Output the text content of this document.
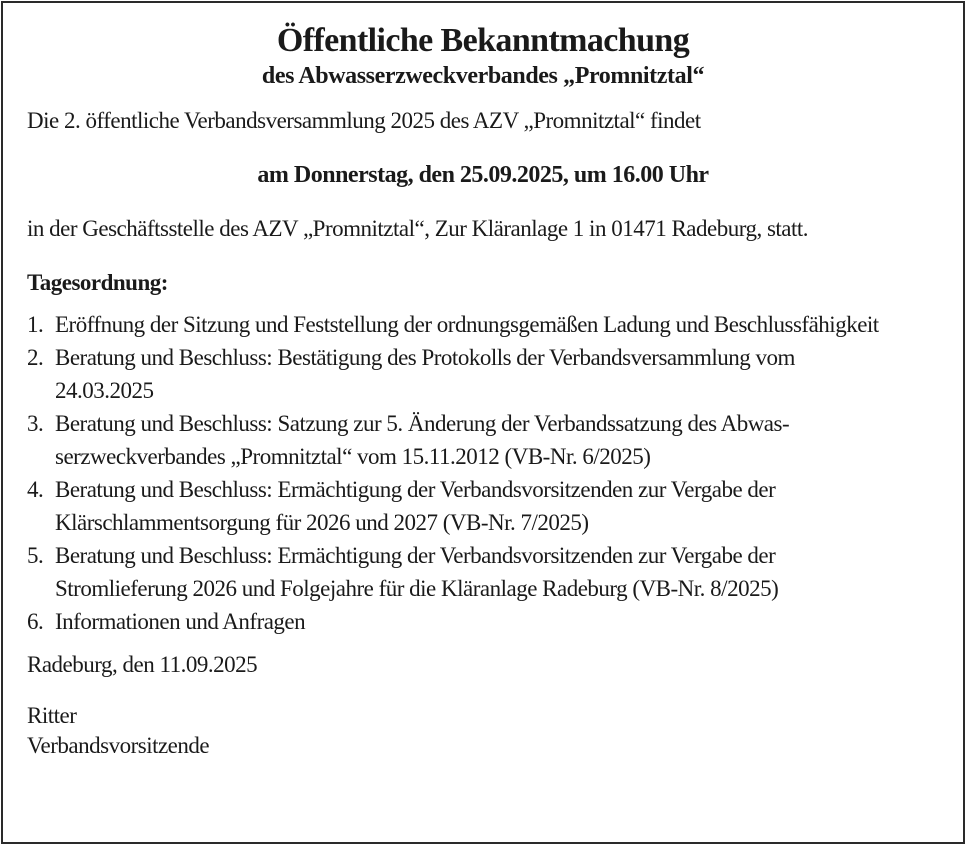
Öffentliche Bekanntmachung
des Abwasserzweckverbandes „Promnitztal“

Die 2. öffentliche Verbandsversammlung 2025 des AZV „Promnitztal“ findet

am Donnerstag, den 25.09.2025, um 16.00 Uhr

in der Geschäftsstelle des AZV „Promnitztal“, Zur Kläranlage 1 in 01471 Radeburg, statt.

Tagesordnung:

1. Eröffnung der Sitzung und Feststellung der ordnungsgemäßen Ladung und Beschlussfähigkeit
2. Beratung und Beschluss: Bestätigung des Protokolls der Verbandsversammlung vom 24.03.2025
3. Beratung und Beschluss: Satzung zur 5. Änderung der Verbandssatzung des Abwasserzweckverbandes „Promnitztal“ vom 15.11.2012 (VB-Nr. 6/2025)
4. Beratung und Beschluss: Ermächtigung der Verbandsvorsitzenden zur Vergabe der Klärschlammentsorgung für 2026 und 2027 (VB-Nr. 7/2025)
5. Beratung und Beschluss: Ermächtigung der Verbandsvorsitzenden zur Vergabe der Stromlieferung 2026 und Folgejahre für die Kläranlage Radeburg (VB-Nr. 8/2025)
6. Informationen und Anfragen

Radeburg, den 11.09.2025

Ritter

Verbandsvorsitzende
